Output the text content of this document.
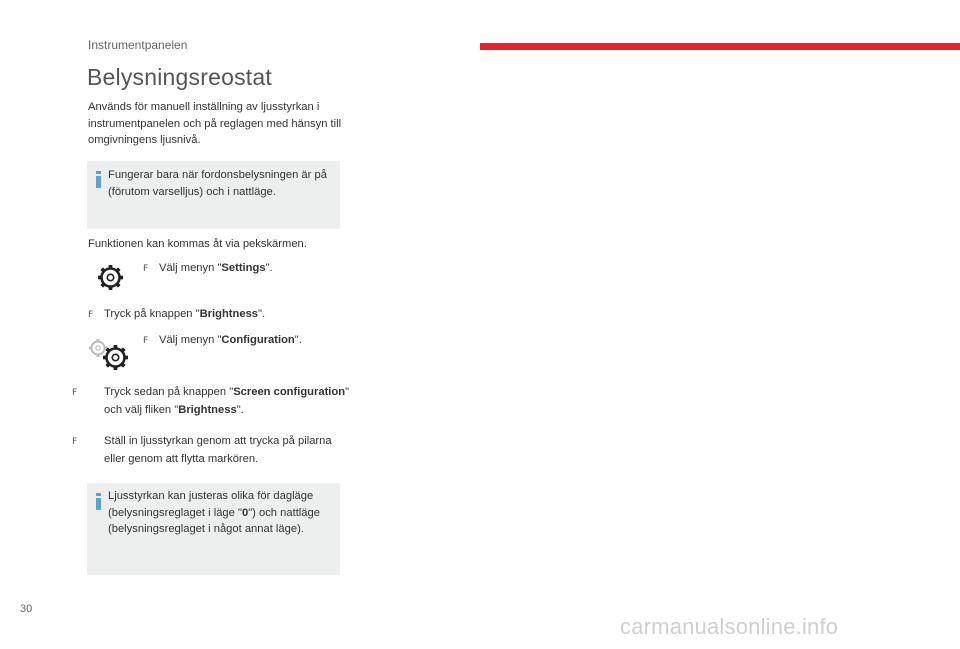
Instrumentpanelen
Belysningsreostat
Används för manuell inställning av ljusstyrkan i instrumentpanelen och på reglagen med hänsyn till omgivningens ljusnivå.
Fungerar bara när fordonsbelysningen är på (förutom varselljus) och i nattläge.
Funktionen kan kommas åt via pekskärmen.
F Välj menyn "Settings".
F Tryck på knappen "Brightness".
F Välj menyn "Configuration".
F Tryck sedan på knappen "Screen configuration" och välj fliken "Brightness".
F Ställ in ljusstyrkan genom att trycka på pilarna eller genom att flytta markören.
Ljusstyrkan kan justeras olika för dagläge (belysningsreglaget i läge "0") och nattläge (belysningsreglaget i något annat läge).
30
carmanualsonline.info
